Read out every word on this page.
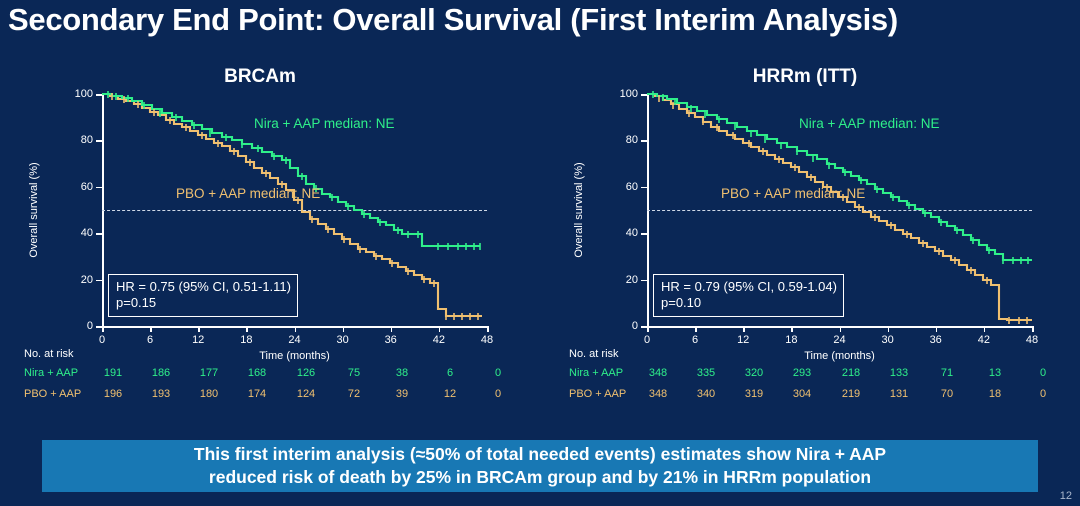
Secondary End Point: Overall Survival (First Interim Analysis)
BRCAm
100
80
60
40
20
0
0	6	12	18	24	30	36	42	48
Time (months)
Overall survival (%)
Nira + AAP median: NE
PBO + AAP median: NE
HR = 0.75 (95% CI, 0.51-1.11)
p=0.15
No. at risk
Nira + AAP 191	186	177	168	126	75	38	6	0
PBO + AAP 196	193	180	174	124	72	39	12	0
HRRm (ITT)
100
80
60
40
20
0
0	6	12	18	24	30	36	42	48
Time (months)
Overall survival (%)
Nira + AAP median: NE
PBO + AAP median: NE
HR = 0.79 (95% CI, 0.59-1.04)
p=0.10
No. at risk
Nira + AAP 348	335	320	293	218	133	71	13	0
PBO + AAP 348	340	319	304	219	131	70	18	0
This first interim analysis (≈50% of total needed events) estimates show Nira + AAP
reduced risk of death by 25% in BRCAm group and by 21% in HRRm population
12
